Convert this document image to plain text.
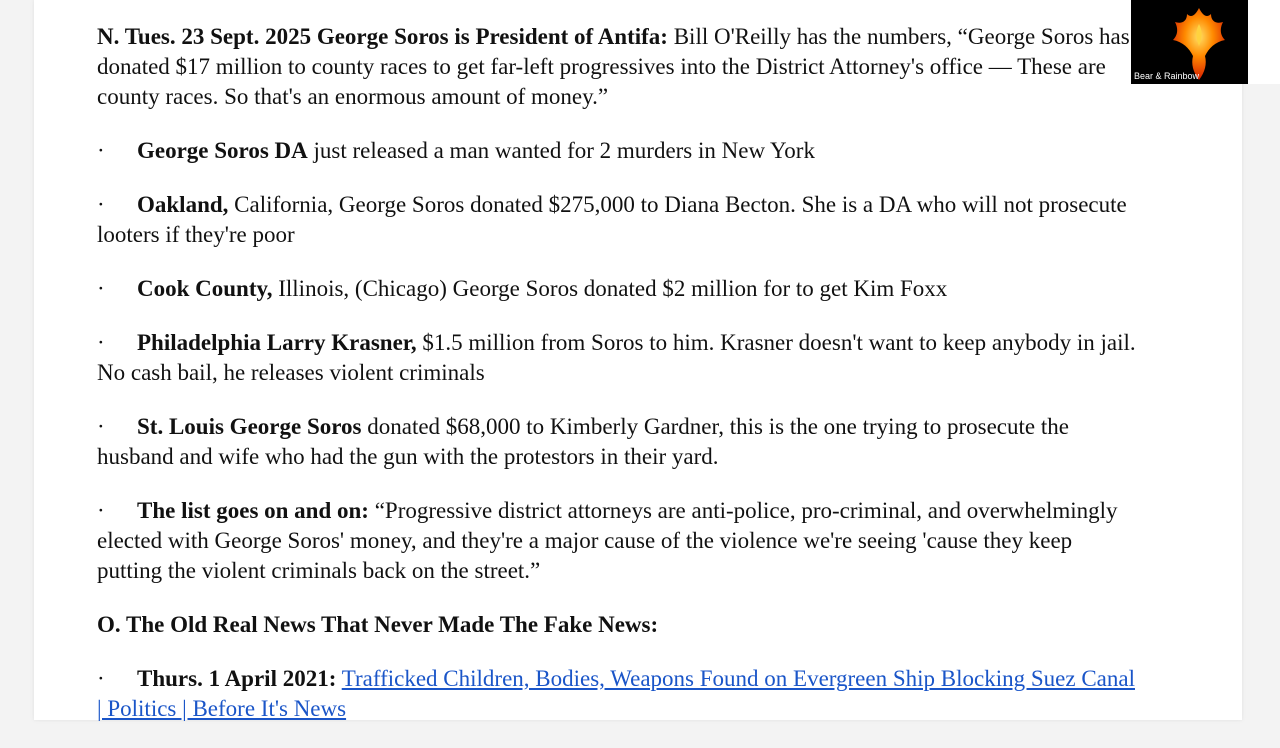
N. Tues. 23 Sept. 2025 George Soros is President of Antifa: Bill O'Reilly has the numbers, “George Soros has donated $17 million to county races to get far-left progressives into the District Attorney's office — These are county races. So that's an enormous amount of money.”

· George Soros DA just released a man wanted for 2 murders in New York

· Oakland, California, George Soros donated $275,000 to Diana Becton. She is a DA who will not prosecute looters if they're poor

· Cook County, Illinois, (Chicago) George Soros donated $2 million for to get Kim Foxx

· Philadelphia Larry Krasner, $1.5 million from Soros to him. Krasner doesn't want to keep anybody in jail. No cash bail, he releases violent criminals

· St. Louis George Soros donated $68,000 to Kimberly Gardner, this is the one trying to prosecute the husband and wife who had the gun with the protestors in their yard.

· The list goes on and on: “Progressive district attorneys are anti-police, pro-criminal, and overwhelmingly elected with George Soros' money, and they're a major cause of the violence we're seeing 'cause they keep putting the violent criminals back on the street.”

O. The Old Real News That Never Made The Fake News:

· Thurs. 1 April 2021: Trafficked Children, Bodies, Weapons Found on Evergreen Ship Blocking Suez Canal | Politics | Before It's News

Bear & Rainbow
